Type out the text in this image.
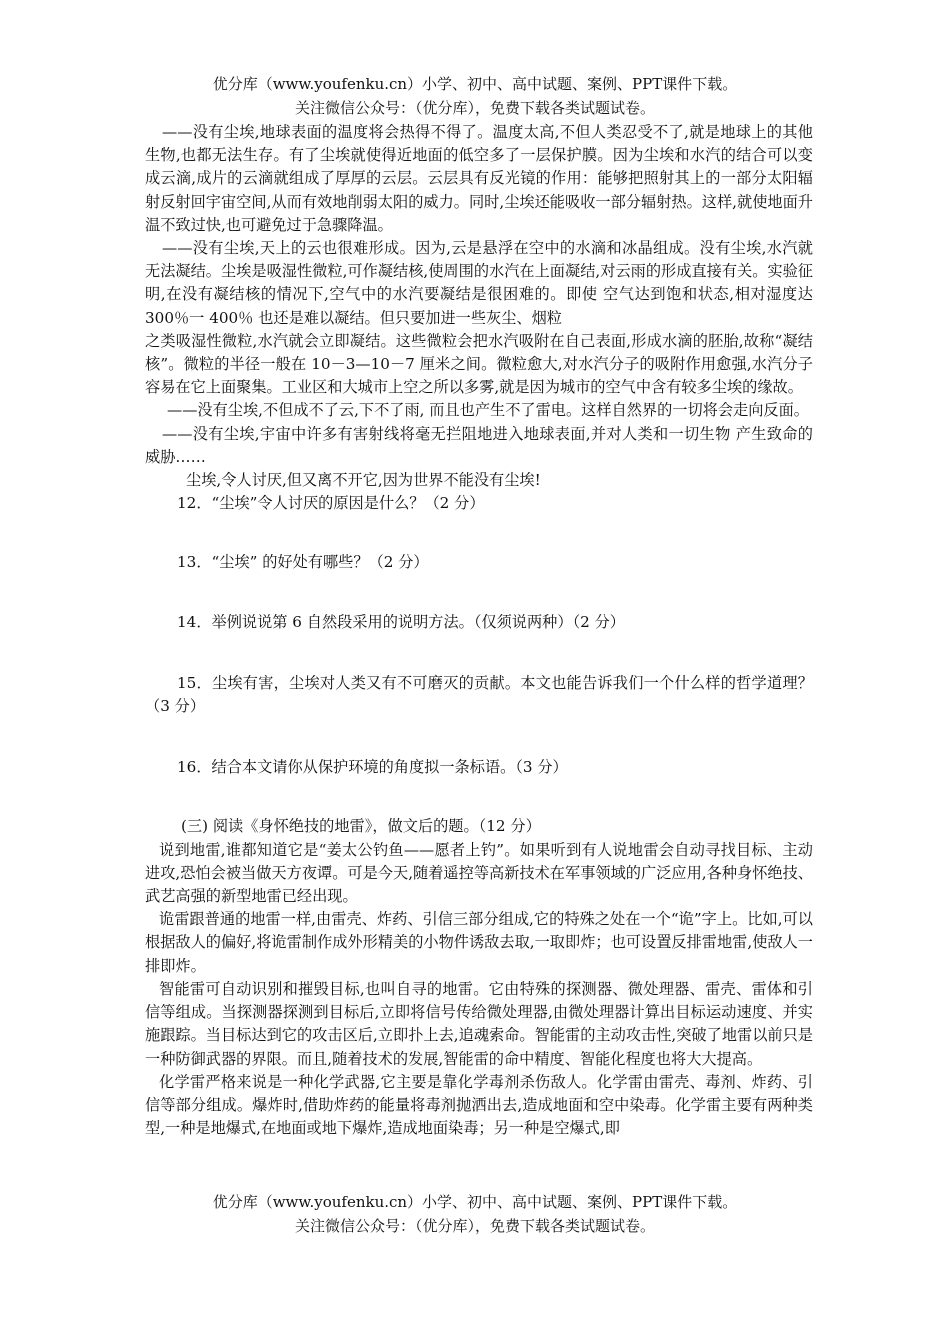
优分库（www.youfenku.cn）小学、初中、高中试题、案例、PPT课件下载。
关注微信公众号：（优分库），免费下载各类试题试卷。

——没有尘埃,地球表面的温度将会热得不得了。温度太高,不但人类忍受不了,就是地球上的其他生物,也都无法生存。有了尘埃就使得近地面的低空多了一层保护膜。因为尘埃和水汽的结合可以变成云滴,成片的云滴就组成了厚厚的云层。云层具有反光镜的作用：能够把照射其上的一部分太阳辐射反射回宇宙空间,从而有效地削弱太阳的威力。同时,尘埃还能吸收一部分辐射热。这样,就使地面升温不致过快,也可避免过于急骤降温。

——没有尘埃,天上的云也很难形成。因为,云是悬浮在空中的水滴和冰晶组成。没有尘埃,水汽就无法凝结。尘埃是吸湿性微粒,可作凝结核,使周围的水汽在上面凝结,对云雨的形成直接有关。实验征明,在没有凝结核的情况下,空气中的水汽要凝结是很困难的。即使 空气达到饱和状态,相对湿度达 300％一 400％ 也还是难以凝结。但只要加进一些灰尘、烟粒

之类吸湿性微粒,水汽就会立即凝结。这些微粒会把水汽吸附在自己表面,形成水滴的胚胎,故称“凝结核”。微粒的半径一般在 10－3—10－7 厘米之间。微粒愈大,对水汽分子的吸附作用愈强,水汽分子容易在它上面聚集。工业区和大城市上空之所以多雾,就是因为城市的空气中含有较多尘埃的缘故。

——没有尘埃,不但成不了云,下不了雨, 而且也产生不了雷电。这样自然界的一切将会走向反面。

——没有尘埃,宇宙中许多有害射线将毫无拦阻地进入地球表面,并对人类和一切生物 产生致命的威胁……

尘埃,令人讨厌,但又离不开它,因为世界不能没有尘埃!

12．“尘埃”令人讨厌的原因是什么？（2 分）

13．“尘埃” 的好处有哪些？（2 分）

14．举例说说第 6 自然段采用的说明方法。（仅须说两种）（2 分）

15．尘埃有害，尘埃对人类又有不可磨灭的贡献。本文也能告诉我们一个什么样的哲学道理？（3 分）

16．结合本文请你从保护环境的角度拟一条标语。（3 分）

(三) 阅读《身怀绝技的地雷》，做文后的题。（12 分）

说到地雷,谁都知道它是“姜太公钓鱼——愿者上钓”。如果听到有人说地雷会自动寻找目标、主动进攻,恐怕会被当做天方夜谭。可是今天,随着遥控等高新技术在军事领域的广泛应用,各种身怀绝技、武艺高强的新型地雷已经出现。

诡雷跟普通的地雷一样,由雷壳、炸药、引信三部分组成,它的特殊之处在一个“诡”字上。比如,可以根据敌人的偏好,将诡雷制作成外形精美的小物件诱敌去取,一取即炸；也可设置反排雷地雷,使敌人一排即炸。

智能雷可自动识别和摧毁目标,也叫自寻的地雷。它由特殊的探测器、微处理器、雷壳、雷体和引信等组成。当探测器探测到目标后,立即将信号传给微处理器,由微处理器计算出目标运动速度、并实施跟踪。当目标达到它的攻击区后,立即扑上去,追魂索命。智能雷的主动攻击性,突破了地雷以前只是一种防御武器的界限。而且,随着技术的发展,智能雷的命中精度、智能化程度也将大大提高。

化学雷严格来说是一种化学武器,它主要是靠化学毒剂杀伤敌人。化学雷由雷壳、毒剂、炸药、引信等部分组成。爆炸时,借助炸药的能量将毒剂抛洒出去,造成地面和空中染毒。化学雷主要有两种类型,一种是地爆式,在地面或地下爆炸,造成地面染毒；另一种是空爆式,即

优分库（www.youfenku.cn）小学、初中、高中试题、案例、PPT课件下载。
关注微信公众号：（优分库），免费下载各类试题试卷。
